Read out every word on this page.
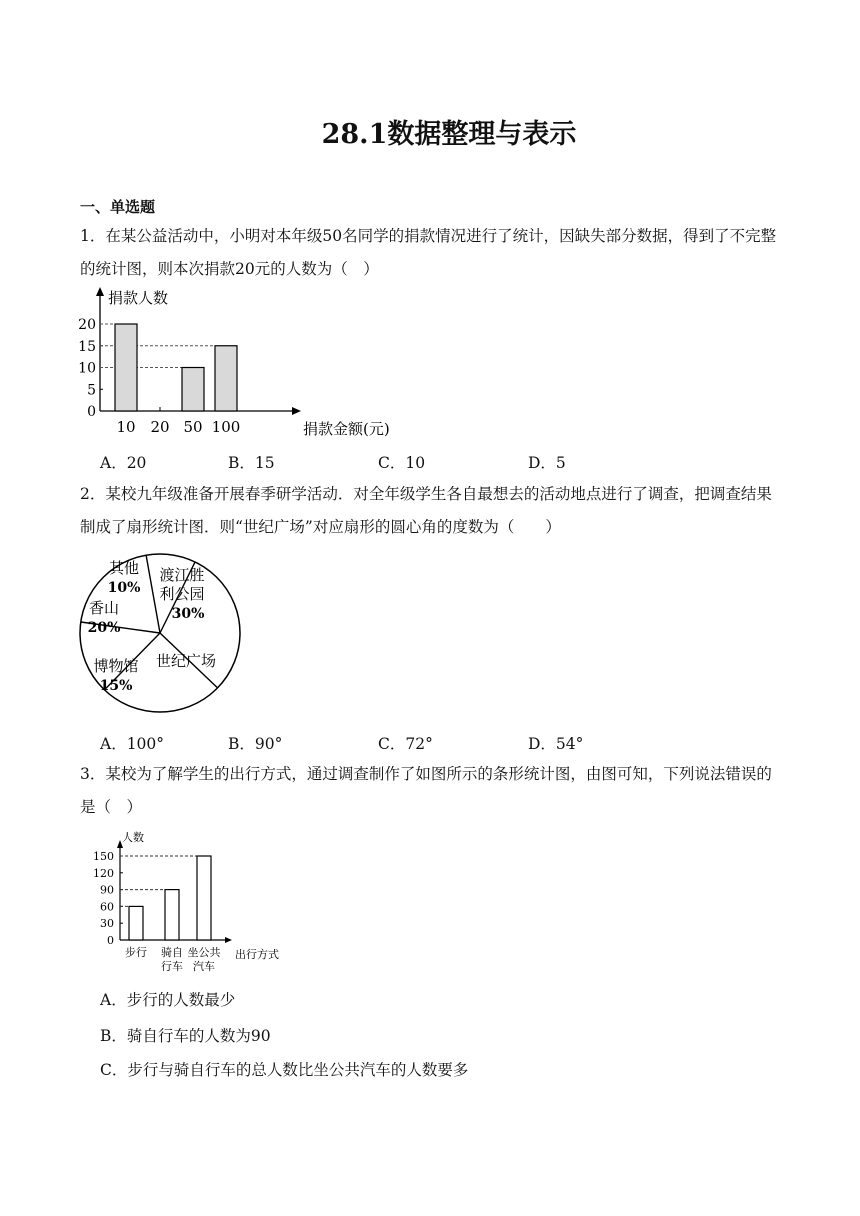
28.1数据整理与表示
一、单选题
1．在某公益活动中，小明对本年级50名同学的捐款情况进行了统计，因缺失部分数据，得到了不完整的统计图，则本次捐款20元的人数为（　）
捐款人数
捐款金额(元)
0
5
10
15
20
10 20 50 100
A．20	B．15	C．10	D．5
2．某校九年级准备开展春季研学活动．对全年级学生各自最想去的活动地点进行了调查，把调查结果制成了扇形统计图．则“世纪广场”对应扇形的圆心角的度数为（　　）
其他
10%
渡江胜
利公园
30%
世纪广场
博物馆
15%
香山
20%
A．100°	B．90°	C．72°	D．54°
3．某校为了解学生的出行方式，通过调查制作了如图所示的条形统计图，由图可知，下列说法错误的是（　）
人数
出行方式
0
30
60
90
120
150
步行 骑自
行车
坐公共
汽车
A．步行的人数最少
B．骑自行车的人数为90
C．步行与骑自行车的总人数比坐公共汽车的人数要多
